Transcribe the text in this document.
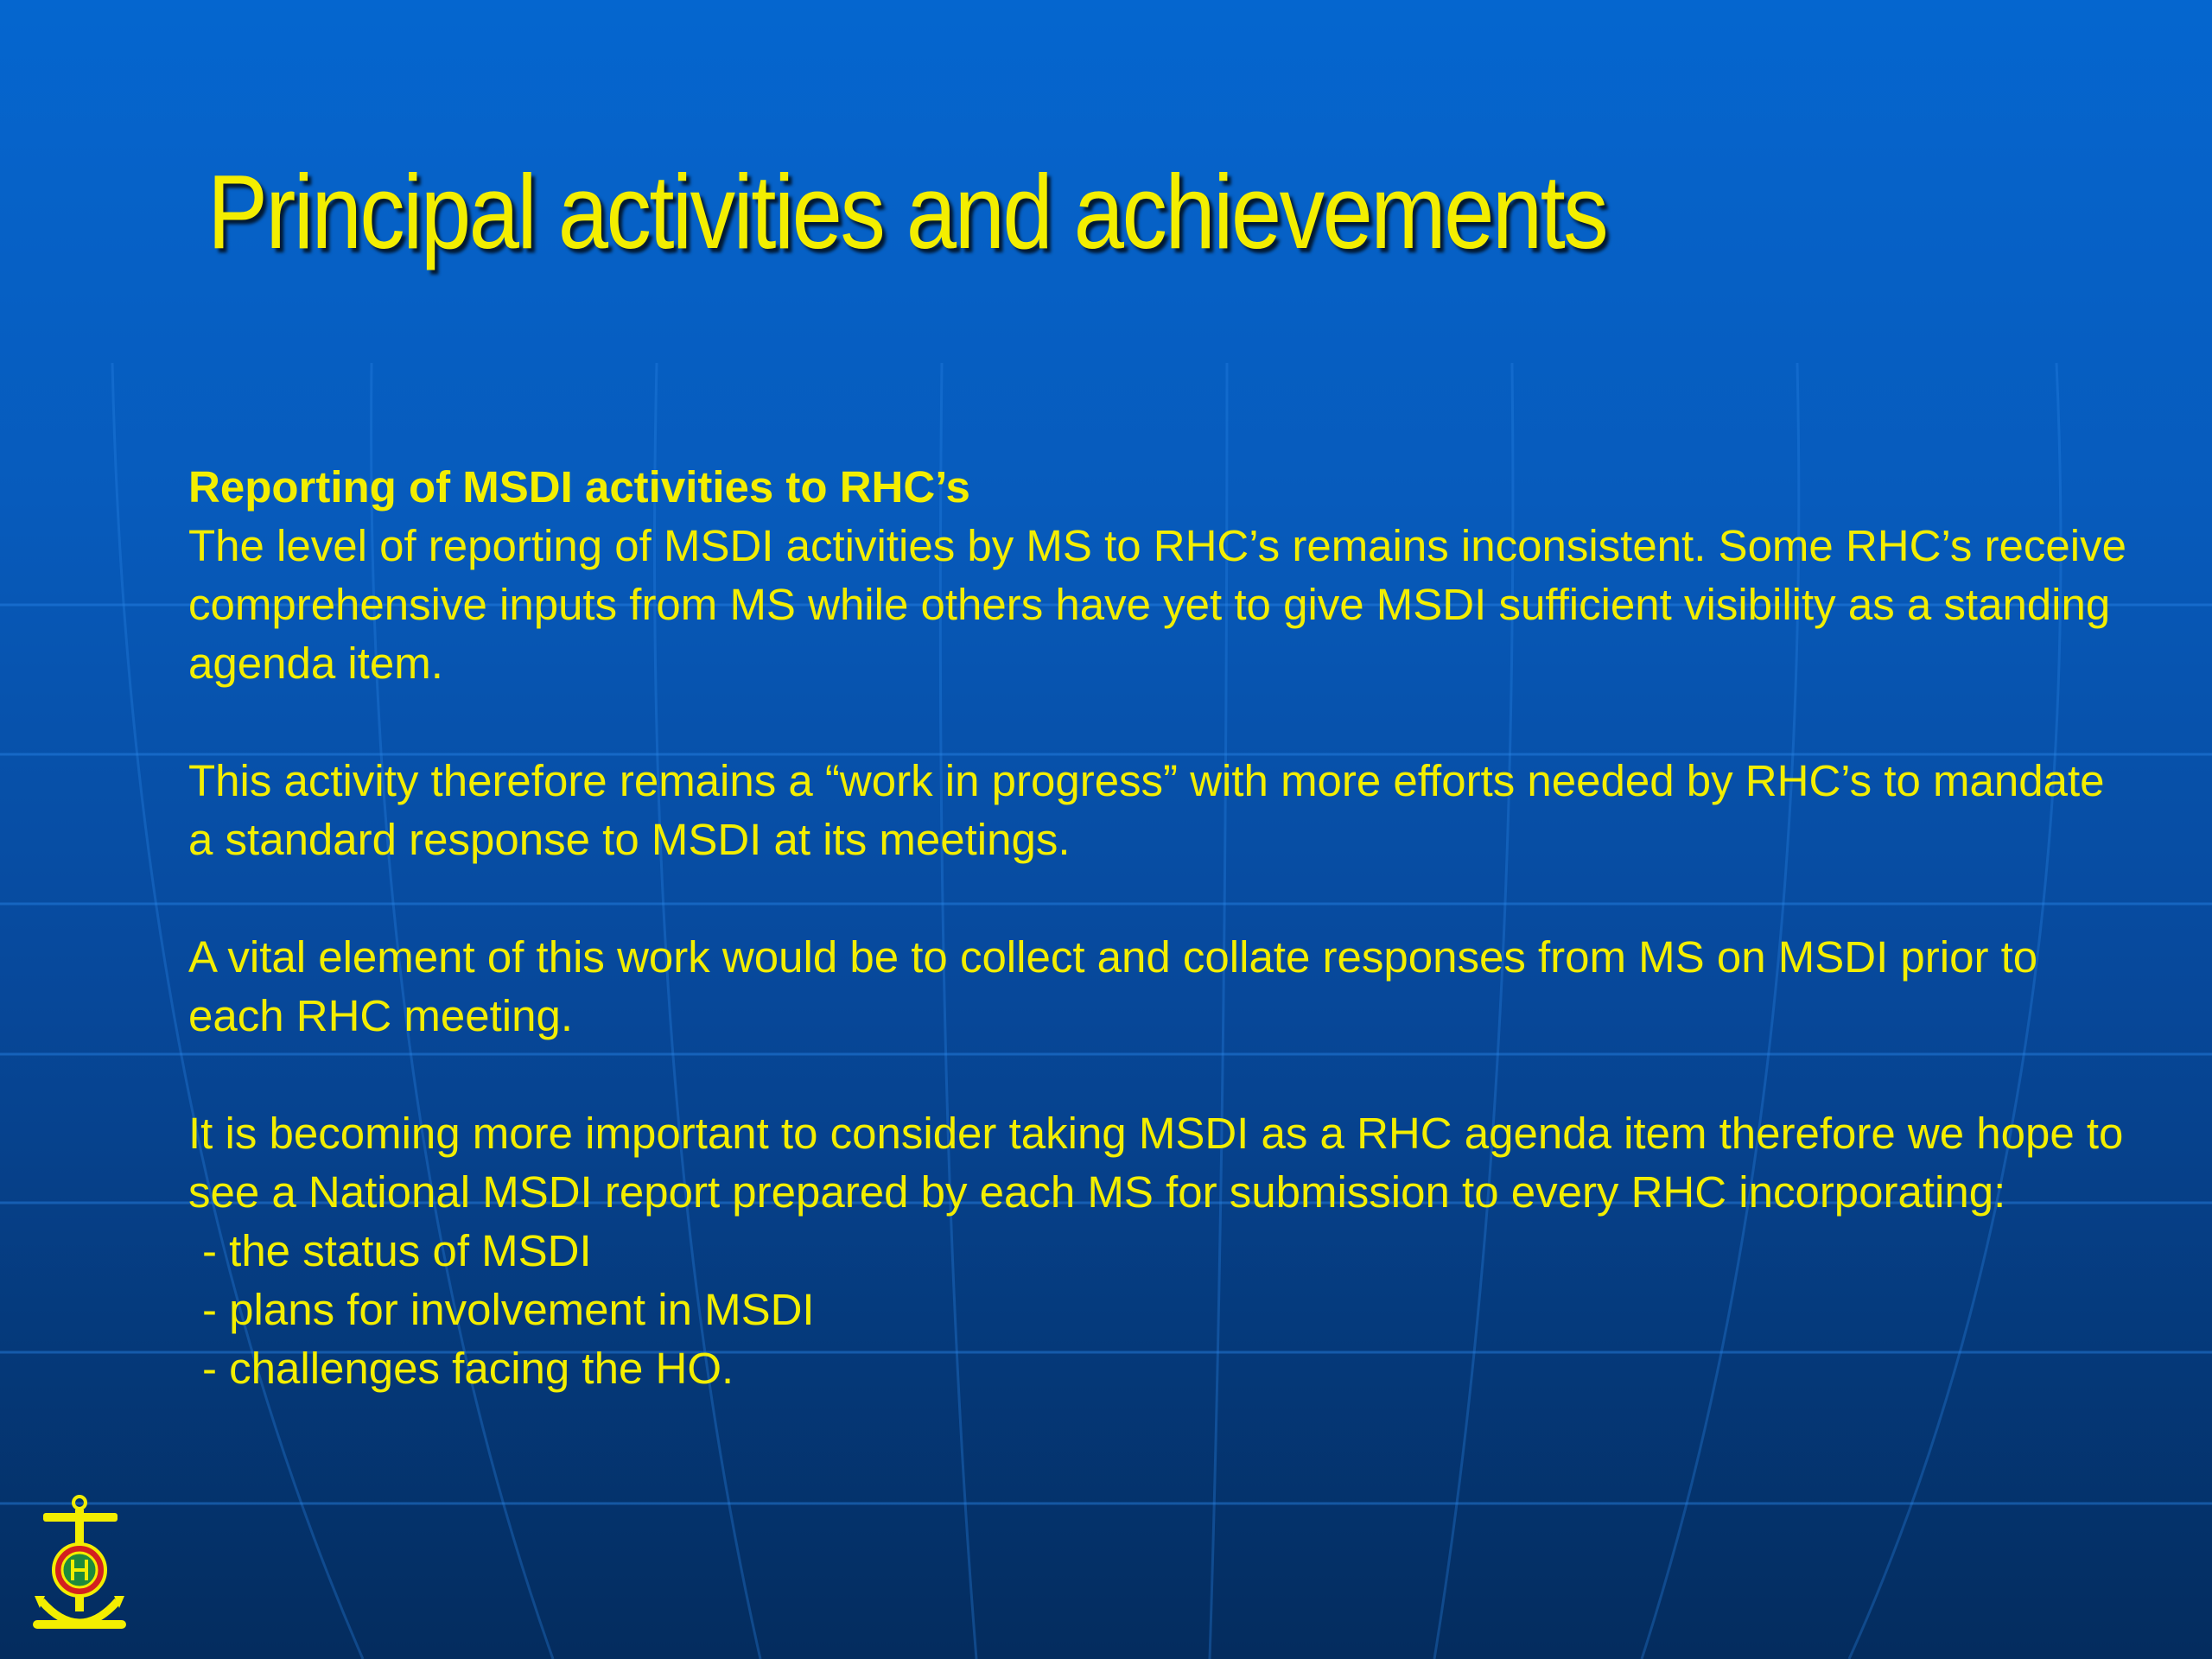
Principal activities and achievements

Reporting of MSDI activities to RHC’s
The level of reporting of MSDI activities by MS to RHC’s remains inconsistent. Some RHC’s receive comprehensive inputs from MS while others have yet to give MSDI sufficient visibility as a standing agenda item.

This activity therefore remains a “work in progress” with more efforts needed by RHC’s to mandate a standard response to MSDI at its meetings.

A vital element of this work would be to collect and collate responses from MS on MSDI prior to each RHC meeting.

It is becoming more important to consider taking MSDI as a RHC agenda item therefore we hope to see a National MSDI report prepared by each MS for submission to every RHC incorporating:
- the status of MSDI
- plans for involvement in MSDI
- challenges facing the HO.
